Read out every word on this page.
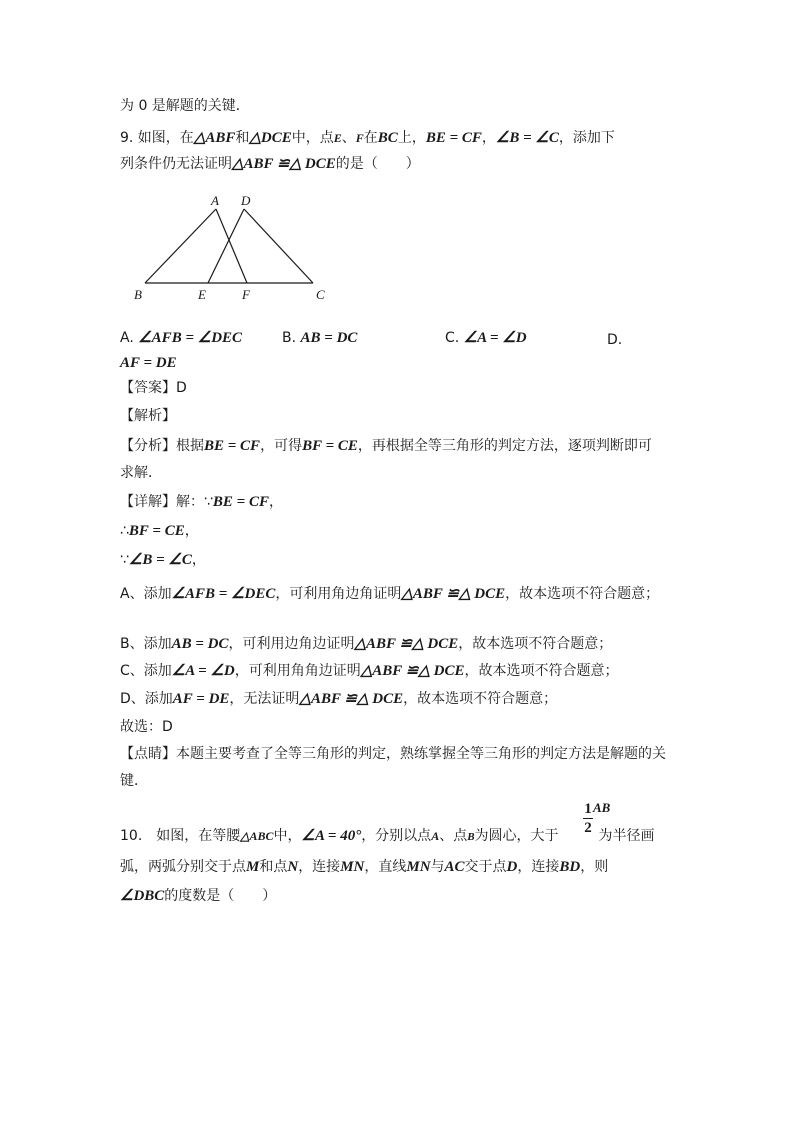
为 0 是解题的关键．
9. 如图，在△ABF和△DCE中，点E、F在BC上，BE = CF，∠B = ∠C，添加下
列条件仍无法证明△ABF ≌△ DCE的是（　　）
A D
B	E	F	C
A. ∠AFB = ∠DEC	B. AB = DC	C. ∠A = ∠D	D.
AF = DE
【答案】D
【解析】
【分析】根据BE = CF，可得BF = CE，再根据全等三角形的判定方法，逐项判断即可
求解．
【详解】解：∵BE = CF，
∴BF = CE，
∵∠B = ∠C，
A、添加∠AFB = ∠DEC，可利用角边角证明△ABF ≌△ DCE，故本选项不符合题意；
B、添加AB = DC，可利用边角边证明△ABF ≌△ DCE，故本选项不符合题意；
C、添加∠A = ∠D，可利用角角边证明△ABF ≌△ DCE，故本选项不符合题意；
D、添加AF = DE，无法证明△ABF ≌△ DCE，故本选项不符合题意；
故选：D
【点睛】本题主要考查了全等三角形的判定，熟练掌握全等三角形的判定方法是解题的关
键．
$\frac{1}{2}$ AB
10.　如图，在等腰△ABC中，∠A = 40°，分别以点A、点B为圆心，大于	为半径画
弧，两弧分别交于点M和点N，连接MN，直线MN与AC交于点D，连接BD，则
∠DBC的度数是（　　）
